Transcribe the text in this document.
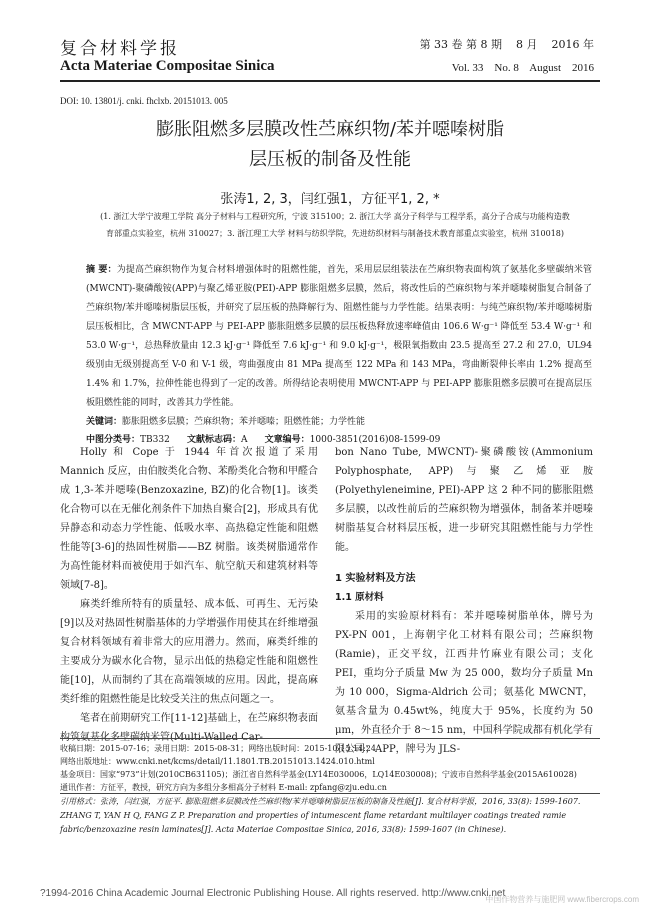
复合材料学报
Acta Materiae Compositae Sinica
第 33 卷 第 8 期    8 月    2016 年
Vol. 33    No. 8    August    2016
DOI: 10. 13801/j. cnki. fhclxb. 20151013. 005
膨胀阻燃多层膜改性苎麻织物/苯并噁嗪树脂
层压板的制备及性能
张涛1, 2, 3，闫红强1，方征平1, 2, *
(1. 浙江大学宁波理工学院 高分子材料与工程研究所，宁波 315100；2. 浙江大学 高分子科学与工程学系，高分子合成与功能构造教育部重点实验室，杭州 310027；3. 浙江理工大学 材料与纺织学院，先进纺织材料与制备技术教育部重点实验室，杭州 310018)
摘 要：为提高苎麻织物作为复合材料增强体时的阻燃性能，首先，采用层层组装法在苎麻织物表面构筑了氨基化多壁碳纳米管(MWCNT)-聚磷酸铵(APP)与聚乙烯亚胺(PEI)-APP 膨胀阻燃多层膜，然后，将改性后的苎麻织物与苯并噁嗪树脂复合制备了苎麻织物/苯并噁嗪树脂层压板，并研究了层压板的热降解行为、阻燃性能与力学性能。结果表明：与纯苎麻织物/苯并噁嗪树脂层压板相比，含 MWCNT-APP 与 PEI-APP 膨胀阻燃多层膜的层压板热释放速率峰值由 106.6 W·g⁻¹ 降低至 53.4 W·g⁻¹ 和 53.0 W·g⁻¹，总热释放量由 12.3 kJ·g⁻¹ 降低至 7.6 kJ·g⁻¹ 和 9.0 kJ·g⁻¹，极限氧指数由 23.5 提高至 27.2 和 27.0，UL94 级别由无级别提高至 V-0 和 V-1 级，弯曲强度由 81 MPa 提高至 122 MPa 和 143 MPa，弯曲断裂伸长率由 1.2% 提高至 1.4% 和 1.7%，拉伸性能也得到了一定的改善。所得结论表明使用 MWCNT-APP 与 PEI-APP 膨胀阻燃多层膜可在提高层压板阻燃性能的同时，改善其力学性能。
关键词：膨胀阻燃多层膜；苎麻织物；苯并噁嗪；阻燃性能；力学性能
中图分类号：TB332 文献标志码：A 文章编号：1000-3851(2016)08-1599-09

Holly 和 Cope 于 1944 年首次报道了采用 Mannich 反应，由伯胺类化合物、苯酚类化合物和甲醛合成 1,3-苯并噁嗪(Benzoxazine, BZ)的化合物[1]。该类化合物可以在无催化剂条件下加热自聚合[2]，形成具有优异静态和动态力学性能、低吸水率、高热稳定性能和阻燃性能等[3-6]的热固性树脂——BZ 树脂。该类树脂通常作为高性能材料而被使用于如汽车、航空航天和建筑材料等领域[7-8]。

麻类纤维所特有的质量轻、成本低、可再生、无污染[9]以及对热固性树脂基体的力学增强作用使其在纤维增强复合材料领域有着非常大的应用潜力。然而，麻类纤维的主要成分为碳水化合物，显示出低的热稳定性能和阻燃性能[10]，从而制约了其在高端领域的应用。因此，提高麻类纤维的阻燃性能是比较受关注的焦点问题之一。

笔者在前期研究工作[11-12]基础上，在苎麻织物表面

bon Nano Tube, MWCNT)-聚磷酸铵(Ammonium Polyphosphate, APP)与聚乙烯亚胺(Polyethyleneimine, PEI)-APP 这 2 种不同的膨胀阻燃多层膜，以改性前后的苎麻织物为增强体，制备苯并噁嗪树脂基复合材料层压板，进一步研究其阻燃性能与力学性能。

1 实验材料及方法
1.1 原材料

采用的实验原材料有：苯并噁嗪树脂单体，牌号为 PX-PN 001，上海朝宇化工材料有限公司；苎麻织物(Ramie)，正交平纹，江西井竹麻业有限公司；支化 PEI，重均分子质量 Mw 为 25 000，数均分子质量 Mn 为 10 000，Sigma-Aldrich 公司；氨基化 MWCNT，氨基含量为 0.45wt%，纯度大于 95%，长度约为 50 μm，外直径介于 8～15 nm，中国科学院成都有机化学有限公司；APP，牌号为 JLS-

收稿日期：2015-07-16；录用日期：2015-08-31；网络出版时间：2015-10-13 14:24
网络出版地址：www.cnki.net/kcms/detail/11.1801.TB.20151013.1424.010.html
基金项目：国家“973”计划(2010CB631105)；浙江省自然科学基金(LY14E030006，LQ14E030008)；宁波市自然科学基金(2015A610028)
通讯作者：方征平，教授，研究方向为多组分多相高分子材料 E-mail: zpfang@zju.edu.cn
引用格式：张涛，闫红强，方征平. 膨胀阻燃多层膜改性苎麻织物/苯并噁嗪树脂层压板的制备及性能[J]. 复合材料学报，2016, 33(8): 1599-1607. ZHANG T, YAN H Q, FANG Z P. Preparation and properties of intumescent flame retardant multilayer coatings treated ramie fabric/benzoxazine resin laminates[J]. Acta Materiae Compositae Sinica, 2016, 33(8): 1599-1607 (in Chinese).
?1994-2016 China Academic Journal Electronic Publishing House. All rights reserved. http://www.cnki.net
中国作物营养与施肥网 www.fibercrops.com
